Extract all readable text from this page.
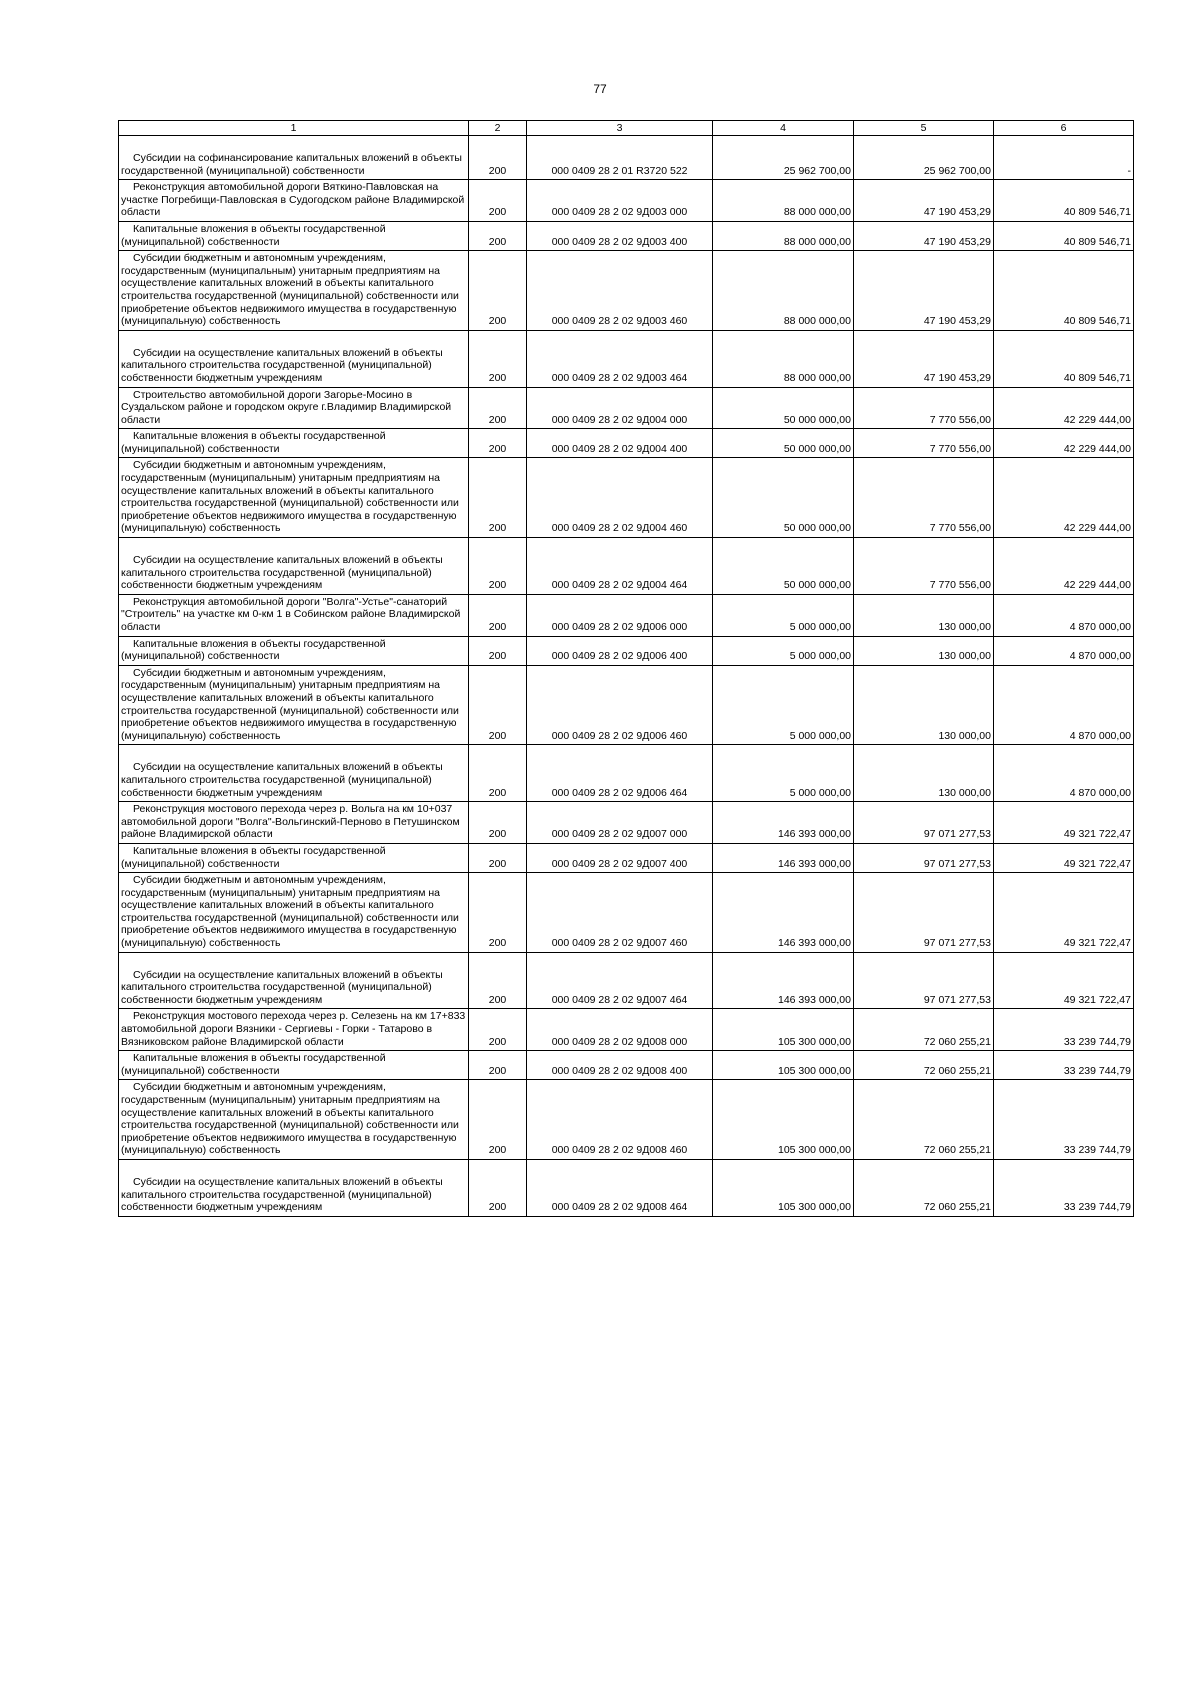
77
1	2	3	4	5	6

Субсидии на софинансирование капитальных вложений в объекты государственной (муниципальной) собственности	200	000 0409 28 2 01 R3720 522	25 962 700,00	25 962 700,00	-

Реконструкция автомобильной дороги Вяткино-Павловская на участке Погребищи-Павловская в Судогодском районе Владимирской области	200	000 0409 28 2 02 9Д003 000	88 000 000,00	47 190 453,29	40 809 546,71

Капитальные вложения в объекты государственной (муниципальной) собственности	200	000 0409 28 2 02 9Д003 400	88 000 000,00	47 190 453,29	40 809 546,71

Субсидии бюджетным и автономным учреждениям, государственным (муниципальным) унитарным предприятиям на осуществление капитальных вложений в объекты капитального строительства государственной (муниципальной) собственности или приобретение объектов недвижимого имущества в государственную (муниципальную) собственность	200	000 0409 28 2 02 9Д003 460	88 000 000,00	47 190 453,29	40 809 546,71

Субсидии на осуществление капитальных вложений в объекты капитального строительства государственной (муниципальной) собственности бюджетным учреждениям	200	000 0409 28 2 02 9Д003 464	88 000 000,00	47 190 453,29	40 809 546,71

Строительство автомобильной дороги Загорье-Мосино в Суздальском районе и городском округе г.Владимир Владимирской области	200	000 0409 28 2 02 9Д004 000	50 000 000,00	7 770 556,00	42 229 444,00

Капитальные вложения в объекты государственной (муниципальной) собственности	200	000 0409 28 2 02 9Д004 400	50 000 000,00	7 770 556,00	42 229 444,00

Субсидии бюджетным и автономным учреждениям, государственным (муниципальным) унитарным предприятиям на осуществление капитальных вложений в объекты капитального строительства государственной (муниципальной) собственности или приобретение объектов недвижимого имущества в государственную (муниципальную) собственность	200	000 0409 28 2 02 9Д004 460	50 000 000,00	7 770 556,00	42 229 444,00

Субсидии на осуществление капитальных вложений в объекты капитального строительства государственной (муниципальной) собственности бюджетным учреждениям	200	000 0409 28 2 02 9Д004 464	50 000 000,00	7 770 556,00	42 229 444,00

Реконструкция автомобильной дороги "Волга"-Устье"-санаторий "Строитель" на участке км 0-км 1 в Собинском районе Владимирской области	200	000 0409 28 2 02 9Д006 000	5 000 000,00	130 000,00	4 870 000,00

Капитальные вложения в объекты государственной (муниципальной) собственности	200	000 0409 28 2 02 9Д006 400	5 000 000,00	130 000,00	4 870 000,00

Субсидии бюджетным и автономным учреждениям, государственным (муниципальным) унитарным предприятиям на осуществление капитальных вложений в объекты капитального строительства государственной (муниципальной) собственности или приобретение объектов недвижимого имущества в государственную (муниципальную) собственность	200	000 0409 28 2 02 9Д006 460	5 000 000,00	130 000,00	4 870 000,00

Субсидии на осуществление капитальных вложений в объекты капитального строительства государственной (муниципальной) собственности бюджетным учреждениям	200	000 0409 28 2 02 9Д006 464	5 000 000,00	130 000,00	4 870 000,00

Реконструкция мостового перехода через р. Вольга на км 10+037 автомобильной дороги "Волга"-Вольгинский-Перново в Петушинском районе Владимирской области	200	000 0409 28 2 02 9Д007 000	146 393 000,00	97 071 277,53	49 321 722,47

Капитальные вложения в объекты государственной (муниципальной) собственности	200	000 0409 28 2 02 9Д007 400	146 393 000,00	97 071 277,53	49 321 722,47

Субсидии бюджетным и автономным учреждениям, государственным (муниципальным) унитарным предприятиям на осуществление капитальных вложений в объекты капитального строительства государственной (муниципальной) собственности или приобретение объектов недвижимого имущества в государственную (муниципальную) собственность	200	000 0409 28 2 02 9Д007 460	146 393 000,00	97 071 277,53	49 321 722,47

Субсидии на осуществление капитальных вложений в объекты капитального строительства государственной (муниципальной) собственности бюджетным учреждениям	200	000 0409 28 2 02 9Д007 464	146 393 000,00	97 071 277,53	49 321 722,47

Реконструкция мостового перехода через р. Селезень на км 17+833 автомобильной дороги Вязники - Сергиевы - Горки - Татарово в Вязниковском районе Владимирской области	200	000 0409 28 2 02 9Д008 000	105 300 000,00	72 060 255,21	33 239 744,79

Капитальные вложения в объекты государственной (муниципальной) собственности	200	000 0409 28 2 02 9Д008 400	105 300 000,00	72 060 255,21	33 239 744,79

Субсидии бюджетным и автономным учреждениям, государственным (муниципальным) унитарным предприятиям на осуществление капитальных вложений в объекты капитального строительства государственной (муниципальной) собственности или приобретение объектов недвижимого имущества в государственную (муниципальную) собственность	200	000 0409 28 2 02 9Д008 460	105 300 000,00	72 060 255,21	33 239 744,79

Субсидии на осуществление капитальных вложений в объекты капитального строительства государственной (муниципальной) собственности бюджетным учреждениям	200	000 0409 28 2 02 9Д008 464	105 300 000,00	72 060 255,21	33 239 744,79
